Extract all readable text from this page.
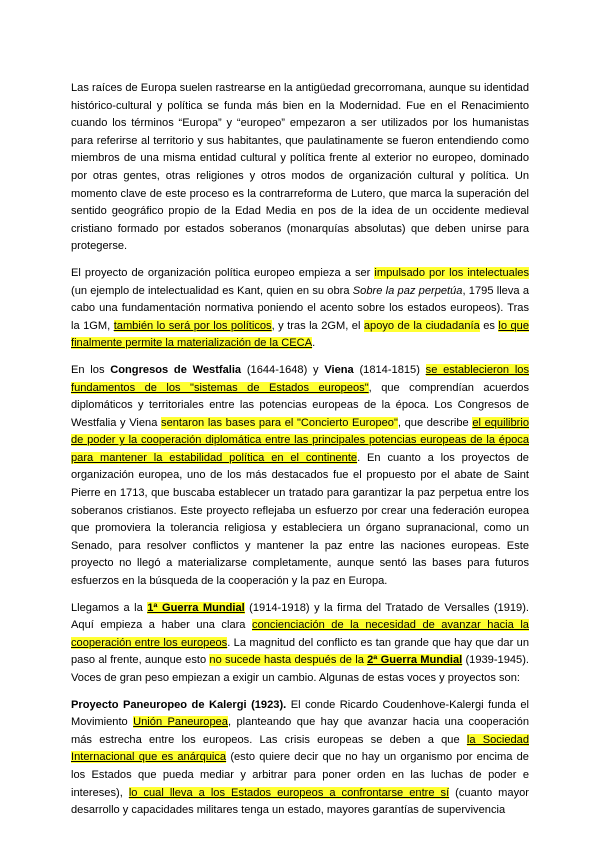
Las raíces de Europa suelen rastrearse en la antigüedad grecorromana, aunque su identidad histórico-cultural y política se funda más bien en la Modernidad. Fue en el Renacimiento cuando los términos “Europa” y “europeo” empezaron a ser utilizados por los humanistas para referirse al territorio y sus habitantes, que paulatinamente se fueron entendiendo como miembros de una misma entidad cultural y política frente al exterior no europeo, dominado por otras gentes, otras religiones y otros modos de organización cultural y política. Un momento clave de este proceso es la contrarreforma de Lutero, que marca la superación del sentido geográfico propio de la Edad Media en pos de la idea de un occidente medieval cristiano formado por estados soberanos (monarquías absolutas) que deben unirse para protegerse.

El proyecto de organización política europeo empieza a ser impulsado por los intelectuales (un ejemplo de intelectualidad es Kant, quien en su obra Sobre la paz perpetúa, 1795 lleva a cabo una fundamentación normativa poniendo el acento sobre los estados europeos). Tras la 1GM, también lo será por los políticos, y tras la 2GM, el apoyo de la ciudadanía es lo que finalmente permite la materialización de la CECA.

En los Congresos de Westfalia (1644-1648) y Viena (1814-1815) se establecieron los fundamentos de los "sistemas de Estados europeos", que comprendían acuerdos diplomáticos y territoriales entre las potencias europeas de la época. Los Congresos de Westfalia y Viena sentaron las bases para el "Concierto Europeo", que describe el equilibrio de poder y la cooperación diplomática entre las principales potencias europeas de la época para mantener la estabilidad política en el continente. En cuanto a los proyectos de organización europea, uno de los más destacados fue el propuesto por el abate de Saint Pierre en 1713, que buscaba establecer un tratado para garantizar la paz perpetua entre los soberanos cristianos. Este proyecto reflejaba un esfuerzo por crear una federación europea que promoviera la tolerancia religiosa y estableciera un órgano supranacional, como un Senado, para resolver conflictos y mantener la paz entre las naciones europeas. Este proyecto no llegó a materializarse completamente, aunque sentó las bases para futuros esfuerzos en la búsqueda de la cooperación y la paz en Europa.

Llegamos a la 1ª Guerra Mundial (1914-1918) y la firma del Tratado de Versalles (1919). Aquí empieza a haber una clara concienciación de la necesidad de avanzar hacia la cooperación entre los europeos. La magnitud del conflicto es tan grande que hay que dar un paso al frente, aunque esto no sucede hasta después de la 2ª Guerra Mundial (1939-1945). Voces de gran peso empiezan a exigir un cambio. Algunas de estas voces y proyectos son:

Proyecto Paneuropeo de Kalergi (1923). El conde Ricardo Coudenhove-Kalergi funda el Movimiento Unión Paneuropea, planteando que hay que avanzar hacia una cooperación más estrecha entre los europeos. Las crisis europeas se deben a que la Sociedad Internacional que es anárquica (esto quiere decir que no hay un organismo por encima de los Estados que pueda mediar y arbitrar para poner orden en las luchas de poder e intereses), lo cual lleva a los Estados europeos a confrontarse entre sí (cuanto mayor desarrollo y capacidades militares tenga un estado, mayores garantías de supervivencia
